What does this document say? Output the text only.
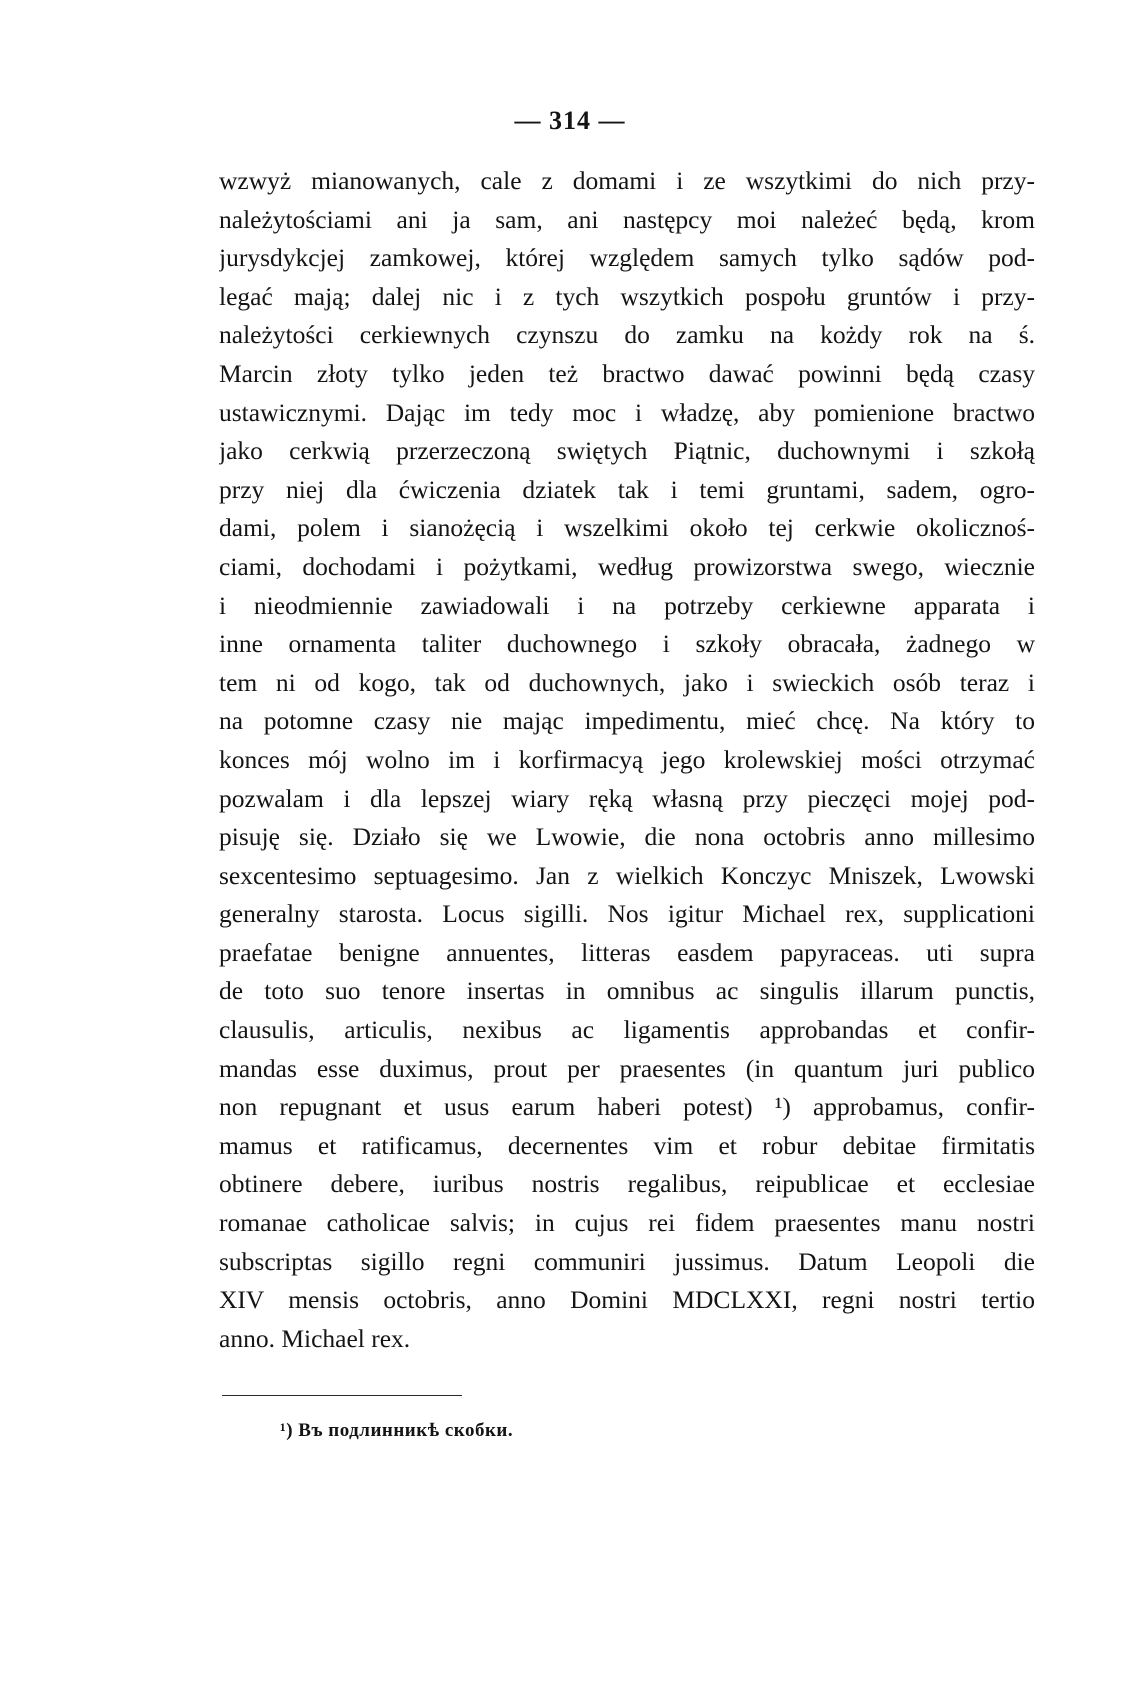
— 314 —
wzwyż mianowanych, cale z domami i ze wszytkimi do nich przy-
należytościami ani ja sam, ani następcy moi należeć będą, krom
jurysdykcjej zamkowej, której względem samych tylko sądów pod-
legać mają; dalej nic i z tych wszytkich pospołu gruntów i przy-
należytości cerkiewnych czynszu do zamku na kożdy rok na ś.
Marcin złoty tylko jeden też bractwo dawać powinni będą czasy
ustawicznymi. Dając im tedy moc i władzę, aby pomienione bractwo
jako cerkwią przerzeczoną swiętych Piątnic, duchownymi i szkołą
przy niej dla ćwiczenia dziatek tak i temi gruntami, sadem, ogro-
dami, polem i sianożęcią i wszelkimi około tej cerkwie okolicznoś-
ciami, dochodami i pożytkami, według prowizorstwa swego, wiecznie
i nieodmiennie zawiadowali i na potrzeby cerkiewne apparata i
inne ornamenta taliter duchownego i szkoły obracała, żadnego w
tem ni od kogo, tak od duchownych, jako i swieckich osób teraz i
na potomne czasy nie mając impedimentu, mieć chcę. Na który to
konces mój wolno im i korfirmacyą jego krolewskiej mości otrzymać
pozwalam i dla lepszej wiary ręką własną przy pieczęci mojej pod-
pisuję się. Działo się we Lwowie, die nona octobris anno millesimo
sexcentesimo septuagesimo. Jan z wielkich Konczyc Mniszek, Lwowski
generalny starosta. Locus sigilli. Nos igitur Michael rex, supplicationi
praefatae benigne annuentes, litteras easdem papyraceas. uti supra
de toto suo tenore insertas in omnibus ac singulis illarum punctis,
clausulis, articulis, nexibus ac ligamentis approbandas et confir-
mandas esse duximus, prout per praesentes (in quantum juri publico
non repugnant et usus earum haberi potest) ¹) approbamus, confir-
mamus et ratificamus, decernentes vim et robur debitae firmitatis
obtinere debere, iuribus nostris regalibus, reipublicae et ecclesiae
romanae catholicae salvis; in cujus rei fidem praesentes manu nostri
subscriptas sigillo regni communiri jussimus. Datum Leopoli die
XIV mensis octobris, anno Domini MDCLXXI, regni nostri tertio
anno. Michael rex.
¹) Въ подлинникѣ скобки.
